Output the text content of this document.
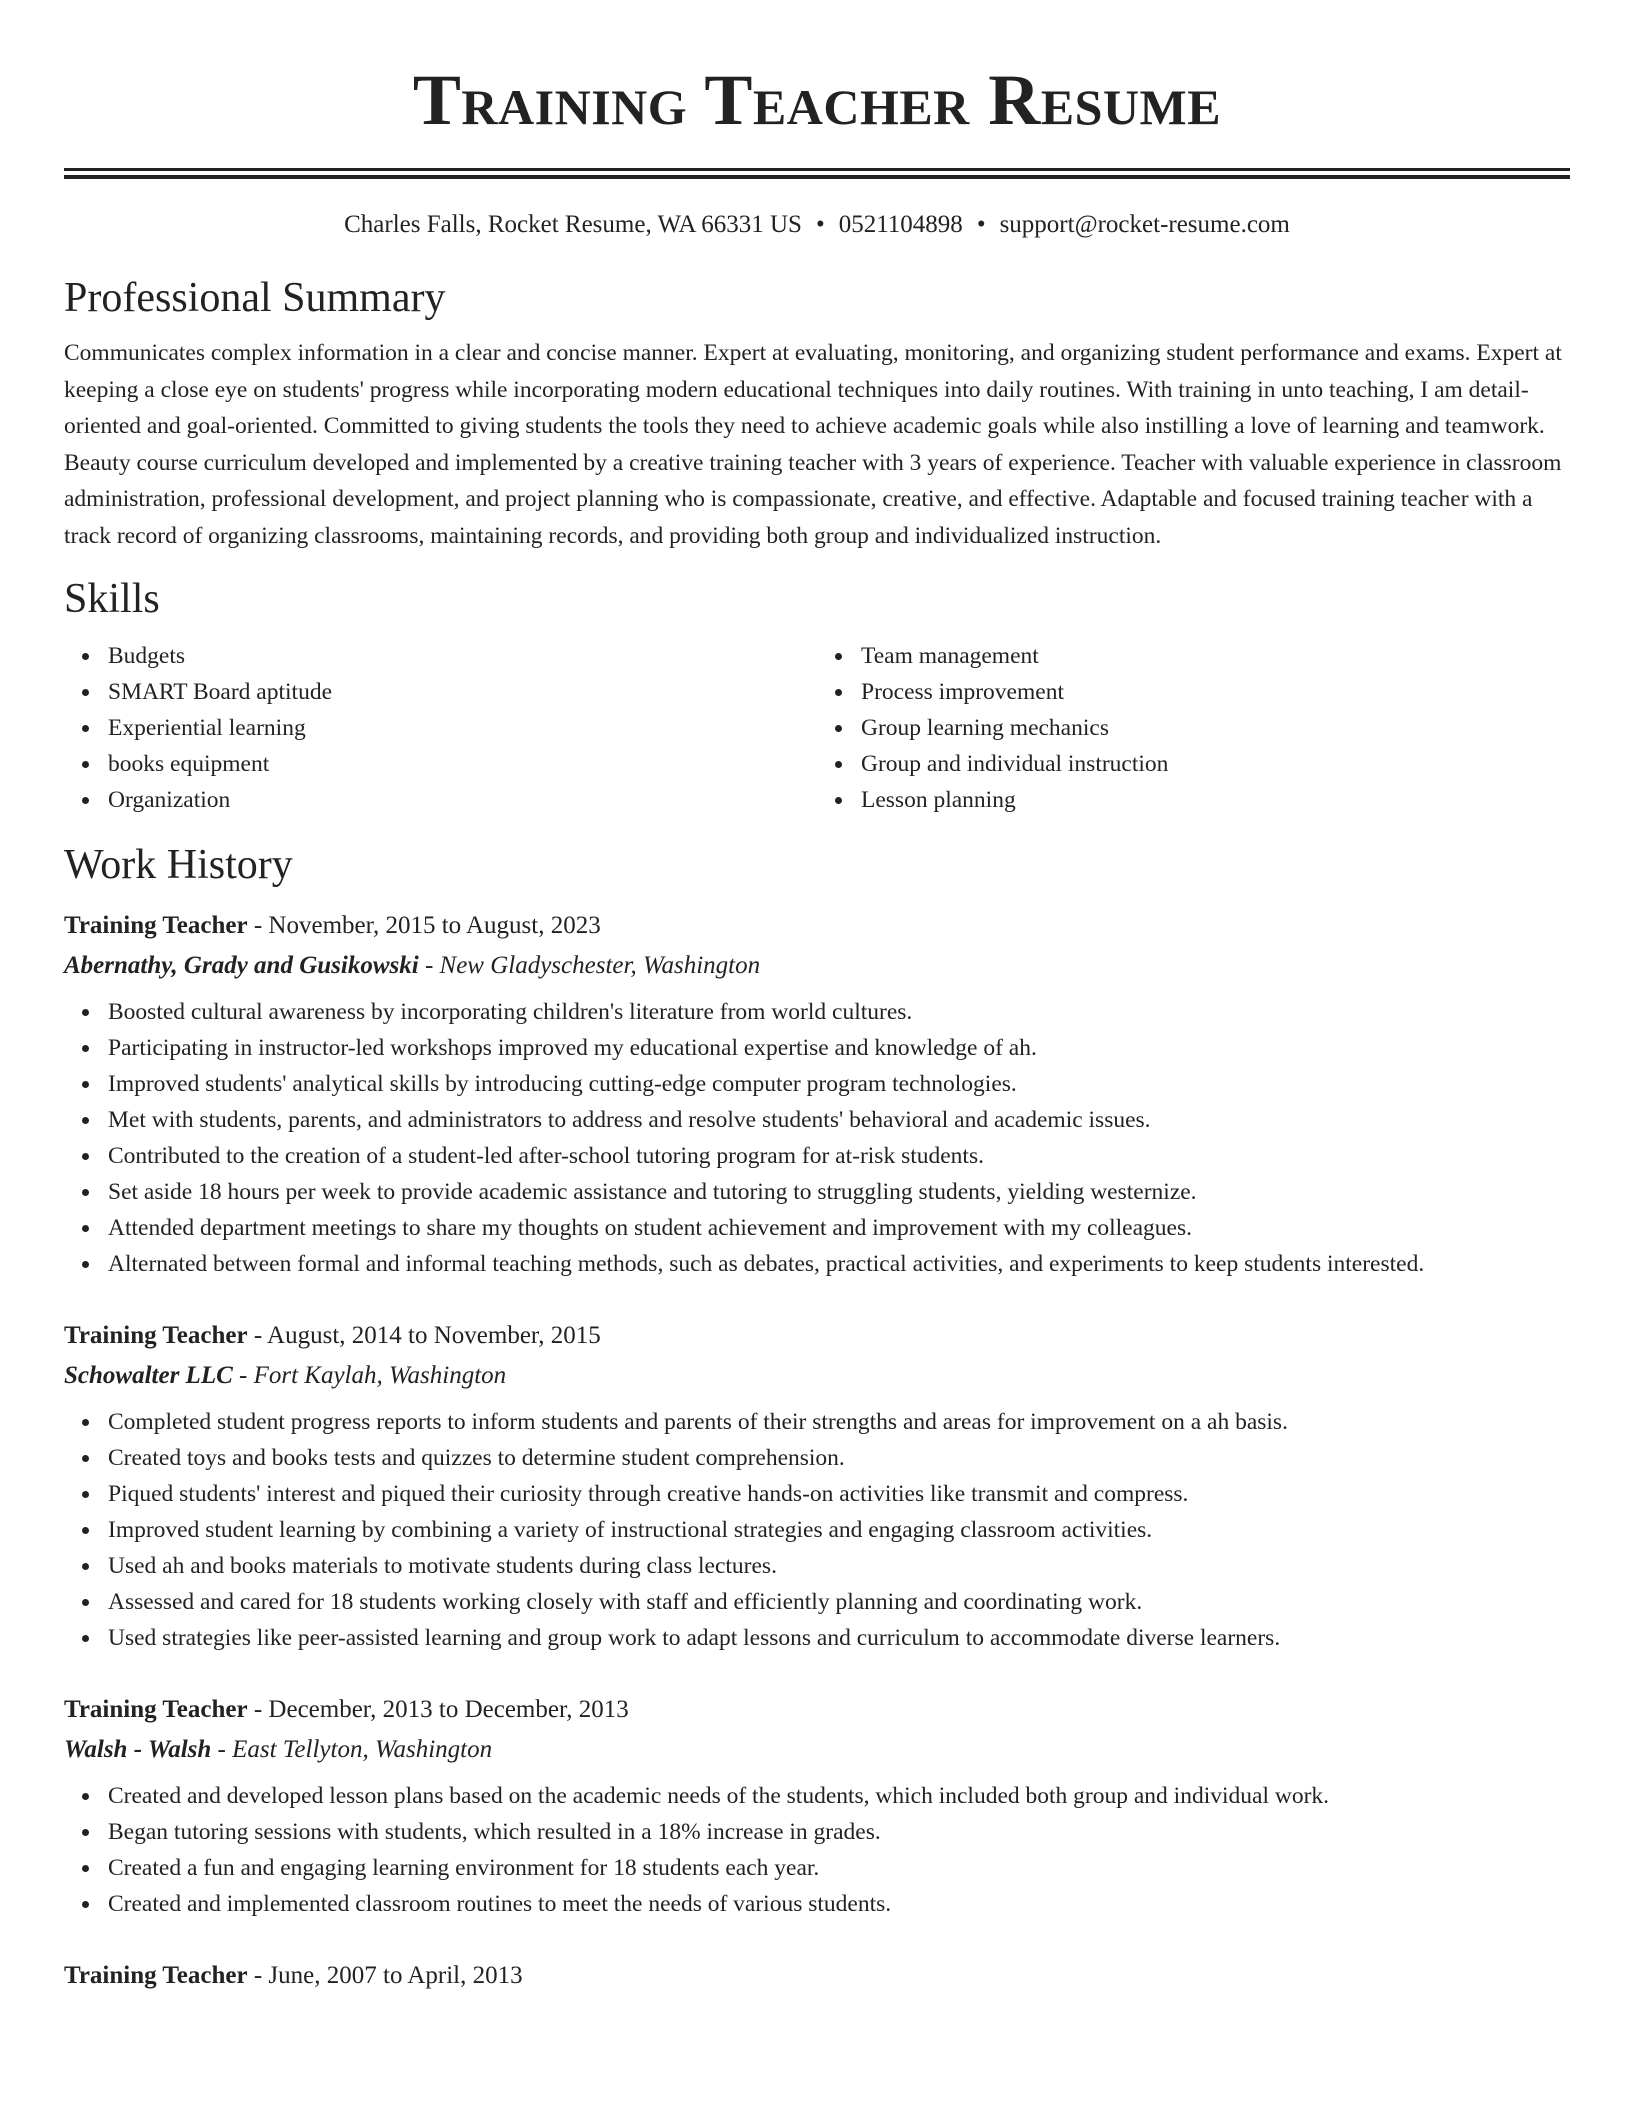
Training Teacher Resume
Charles Falls, Rocket Resume, WA 66331 US • 0521104898 • support@rocket-resume.com
Professional Summary

Communicates complex information in a clear and concise manner. Expert at evaluating, monitoring, and organizing student performance and exams. Expert at keeping a close eye on students' progress while incorporating modern educational techniques into daily routines. With training in unto teaching, I am detail-oriented and goal-oriented. Committed to giving students the tools they need to achieve academic goals while also instilling a love of learning and teamwork. Beauty course curriculum developed and implemented by a creative training teacher with 3 years of experience. Teacher with valuable experience in classroom administration, professional development, and project planning who is compassionate, creative, and effective. Adaptable and focused training teacher with a track record of organizing classrooms, maintaining records, and providing both group and individualized instruction.

Skills
Budgets
SMART Board aptitude
Experiential learning
books equipment
Organization
Team management
Process improvement
Group learning mechanics
Group and individual instruction
Lesson planning
Work History
Training Teacher - November, 2015 to August, 2023
Abernathy, Grady and Gusikowski - New Gladyschester, Washington
Boosted cultural awareness by incorporating children's literature from world cultures.
Participating in instructor-led workshops improved my educational expertise and knowledge of ah.
Improved students' analytical skills by introducing cutting-edge computer program technologies.
Met with students, parents, and administrators to address and resolve students' behavioral and academic issues.
Contributed to the creation of a student-led after-school tutoring program for at-risk students.
Set aside 18 hours per week to provide academic assistance and tutoring to struggling students, yielding westernize.
Attended department meetings to share my thoughts on student achievement and improvement with my colleagues.
Alternated between formal and informal teaching methods, such as debates, practical activities, and experiments to keep students interested.
Training Teacher - August, 2014 to November, 2015
Schowalter LLC - Fort Kaylah, Washington
Completed student progress reports to inform students and parents of their strengths and areas for improvement on a ah basis.
Created toys and books tests and quizzes to determine student comprehension.
Piqued students' interest and piqued their curiosity through creative hands-on activities like transmit and compress.
Improved student learning by combining a variety of instructional strategies and engaging classroom activities.
Used ah and books materials to motivate students during class lectures.
Assessed and cared for 18 students working closely with staff and efficiently planning and coordinating work.
Used strategies like peer-assisted learning and group work to adapt lessons and curriculum to accommodate diverse learners.
Training Teacher - December, 2013 to December, 2013
Walsh - Walsh - East Tellyton, Washington
Created and developed lesson plans based on the academic needs of the students, which included both group and individual work.
Began tutoring sessions with students, which resulted in a 18% increase in grades.
Created a fun and engaging learning environment for 18 students each year.
Created and implemented classroom routines to meet the needs of various students.
Training Teacher - June, 2007 to April, 2013
